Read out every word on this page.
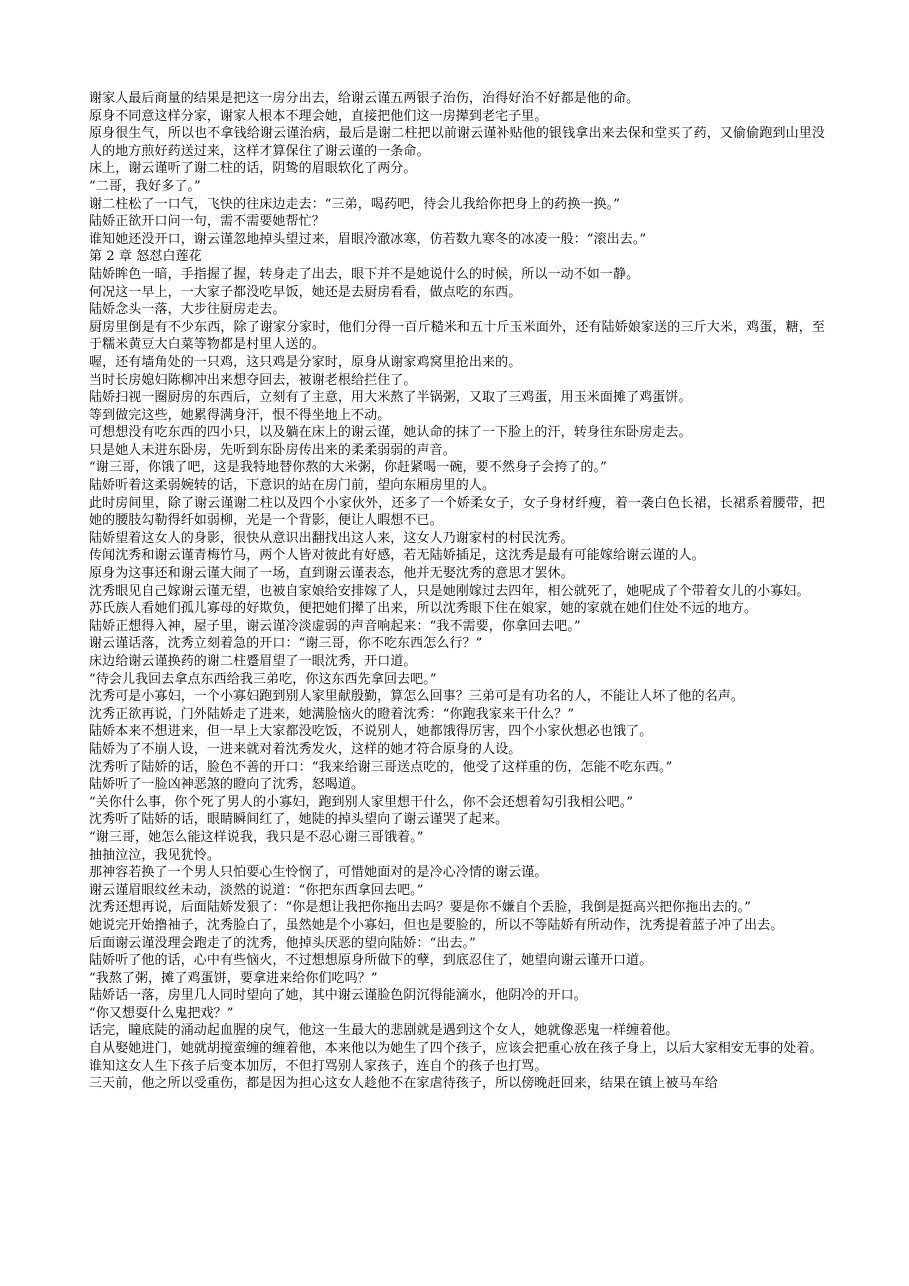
谢家人最后商量的结果是把这一房分出去，给谢云谨五两银子治伤，治得好治不好都是他的命。

原身不同意这样分家，谢家人根本不理会她，直接把他们这一房撵到老宅子里。

原身很生气，所以也不拿钱给谢云谨治病，最后是谢二柱把以前谢云谨补贴他的银钱拿出来去保和堂买了药，又偷偷跑到山里没人的地方煎好药送过来，这样才算保住了谢云谨的一条命。

床上，谢云谨听了谢二柱的话，阴鸷的眉眼软化了两分。

“二哥，我好多了。”

谢二柱松了一口气，飞快的往床边走去：“三弟，喝药吧，待会儿我给你把身上的药换一换。”

陆娇正欲开口问一句，需不需要她帮忙？

谁知她还没开口，谢云谨忽地掉头望过来，眉眼冷澈冰寒，仿若数九寒冬的冰凌一般：“滚出去。”

第 2 章 怒怼白莲花

陆娇眸色一暗，手指握了握，转身走了出去，眼下并不是她说什么的时候，所以一动不如一静。

何况这一早上，一大家子都没吃早饭，她还是去厨房看看，做点吃的东西。

陆娇念头一落，大步往厨房走去。

厨房里倒是有不少东西，除了谢家分家时，他们分得一百斤糙米和五十斤玉米面外，还有陆娇娘家送的三斤大米，鸡蛋，糖，至于糯米黄豆大白菜等物都是村里人送的。

喔，还有墙角处的一只鸡，这只鸡是分家时，原身从谢家鸡窝里抢出来的。

当时长房媳妇陈柳冲出来想夺回去，被谢老根给拦住了。

陆娇扫视一圈厨房的东西后，立刻有了主意，用大米熬了半锅粥，又取了三鸡蛋，用玉米面摊了鸡蛋饼。

等到做完这些，她累得满身汗，恨不得坐地上不动。

可想想没有吃东西的四小只，以及躺在床上的谢云谨，她认命的抹了一下脸上的汗，转身往东卧房走去。

只是她人未进东卧房，先听到东卧房传出来的柔柔弱弱的声音。

“谢三哥，你饿了吧，这是我特地替你熬的大米粥，你赶紧喝一碗，要不然身子会挎了的。”

陆娇听着这柔弱婉转的话，下意识的站在房门前，望向东厢房里的人。

此时房间里，除了谢云谨谢二柱以及四个小家伙外，还多了一个娇柔女子，女子身材纤瘦，着一袭白色长裙，长裙系着腰带，把她的腰肢勾勒得纤如弱柳，光是一个背影，便让人暇想不已。

陆娇望着这女人的身影，很快从意识出翻找出这人来，这女人乃谢家村的村民沈秀。

传闻沈秀和谢云谨青梅竹马，两个人皆对彼此有好感，若无陆娇插足，这沈秀是最有可能嫁给谢云谨的人。

原身为这事还和谢云谨大闹了一场，直到谢云谨表态，他并无娶沈秀的意思才罢休。

沈秀眼见自己嫁谢云谨无望，也被自家娘给安排嫁了人，只是她刚嫁过去四年，相公就死了，她呢成了个带着女儿的小寡妇。

苏氏族人看她们孤儿寡母的好欺负，便把她们撵了出来，所以沈秀眼下住在娘家，她的家就在她们住处不远的地方。

陆娇正想得入神，屋子里，谢云谨冷淡虚弱的声音响起来：“我不需要，你拿回去吧。”

谢云谨话落，沈秀立刻着急的开口：“谢三哥，你不吃东西怎么行？”

床边给谢云谨换药的谢二柱蹙眉望了一眼沈秀，开口道。

“待会儿我回去拿点东西给我三弟吃，你这东西先拿回去吧。”

沈秀可是小寡妇，一个小寡妇跑到别人家里献殷勤，算怎么回事？三弟可是有功名的人，不能让人坏了他的名声。

沈秀正欲再说，门外陆娇走了进来，她满脸恼火的瞪着沈秀：“你跑我家来干什么？”

陆娇本来不想进来，但一早上大家都没吃饭，不说别人，她都饿得厉害，四个小家伙想必也饿了。

陆娇为了不崩人设，一进来就对着沈秀发火，这样的她才符合原身的人设。

沈秀听了陆娇的话，脸色不善的开口：“我来给谢三哥送点吃的，他受了这样重的伤，怎能不吃东西。”

陆娇听了一脸凶神恶煞的瞪向了沈秀，怒喝道。

“关你什么事，你个死了男人的小寡妇，跑到别人家里想干什么，你不会还想着勾引我相公吧。”

沈秀听了陆娇的话，眼睛瞬间红了，她陡的掉头望向了谢云谨哭了起来。

“谢三哥，她怎么能这样说我，我只是不忍心谢三哥饿着。”

抽抽泣泣，我见犹怜。

那神容若换了一个男人只怕要心生怜悯了，可惜她面对的是冷心冷情的谢云谨。

谢云谨眉眼纹丝未动，淡然的说道：“你把东西拿回去吧。”

沈秀还想再说，后面陆娇发狠了：“你是想让我把你拖出去吗？要是你不嫌自个丢脸，我倒是挺高兴把你拖出去的。”

她说完开始撸袖子，沈秀脸白了，虽然她是个小寡妇，但也是要脸的，所以不等陆娇有所动作，沈秀提着蓝子冲了出去。

后面谢云谨没理会跑走了的沈秀，他掉头厌恶的望向陆娇：“出去。”

陆娇听了他的话，心中有些恼火，不过想想原身所做下的孽，到底忍住了，她望向谢云谨开口道。

“我熬了粥，摊了鸡蛋饼，要拿进来给你们吃吗？”

陆娇话一落，房里几人同时望向了她，其中谢云谨脸色阴沉得能滴水，他阴冷的开口。

“你又想耍什么鬼把戏？”

话完，瞳底陡的涌动起血腥的戾气，他这一生最大的悲剧就是遇到这个女人，她就像恶鬼一样缠着他。

自从娶她进门，她就胡搅蛮缠的缠着他，本来他以为她生了四个孩子，应该会把重心放在孩子身上，以后大家相安无事的处着。

谁知这女人生下孩子后变本加厉，不但打骂别人家孩子，连自个的孩子也打骂。

三天前，他之所以受重伤，都是因为担心这女人趁他不在家虐待孩子，所以傍晚赶回来，结果在镇上被马车给
